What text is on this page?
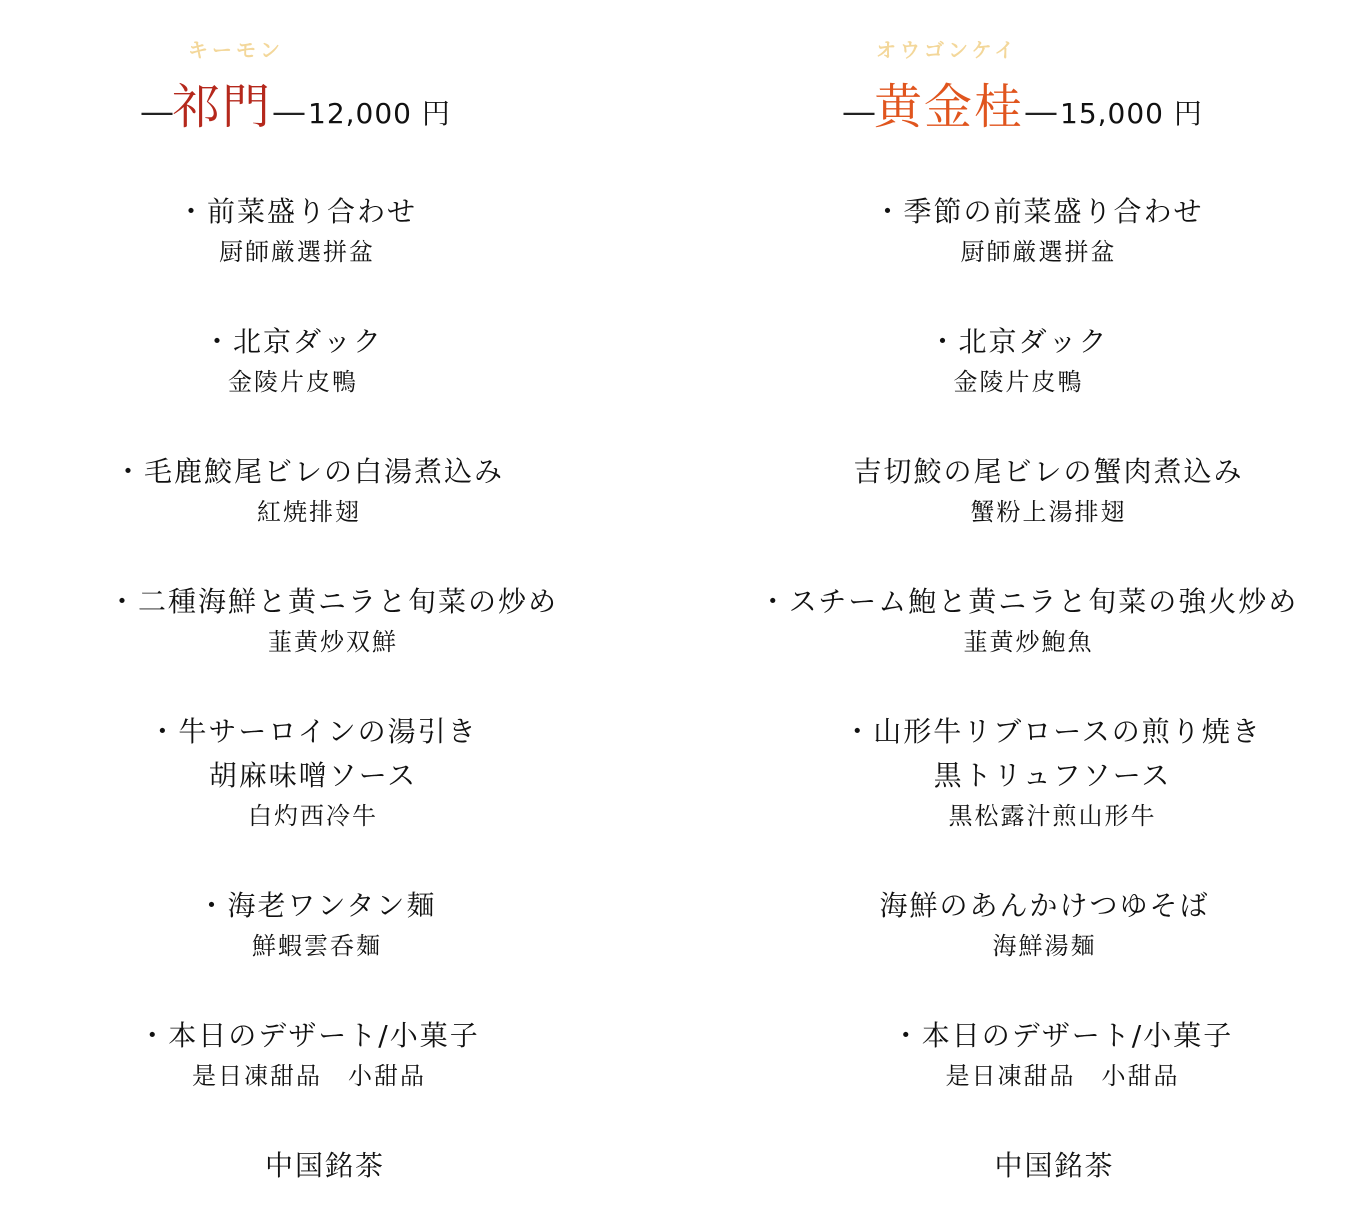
キーモン
— 祁門 — 12,000 円
・前菜盛り合わせ
厨師厳選拼盆
・北京ダック
金陵片皮鴨
・毛鹿鮫尾ビレの白湯煮込み
紅焼排翅
・二種海鮮と黄ニラと旬菜の炒め
韮黄炒双鮮
・牛サーロインの湯引き
胡麻味噌ソース
白灼西冷牛
・海老ワンタン麺
鮮蝦雲呑麺
・本日のデザート/小菓子
是日凍甜品　小甜品
中国銘茶
オウゴンケイ
— 黄金桂 — 15,000 円
・季節の前菜盛り合わせ
厨師厳選拼盆
・北京ダック
金陵片皮鴨
吉切鮫の尾ビレの蟹肉煮込み
蟹粉上湯排翅
・スチーム鮑と黄ニラと旬菜の強火炒め
韮黄炒鮑魚
・山形牛リブロースの煎り焼き
黒トリュフソース
黒松露汁煎山形牛
海鮮のあんかけつゆそば
海鮮湯麺
・本日のデザート/小菓子
是日凍甜品　小甜品
中国銘茶
